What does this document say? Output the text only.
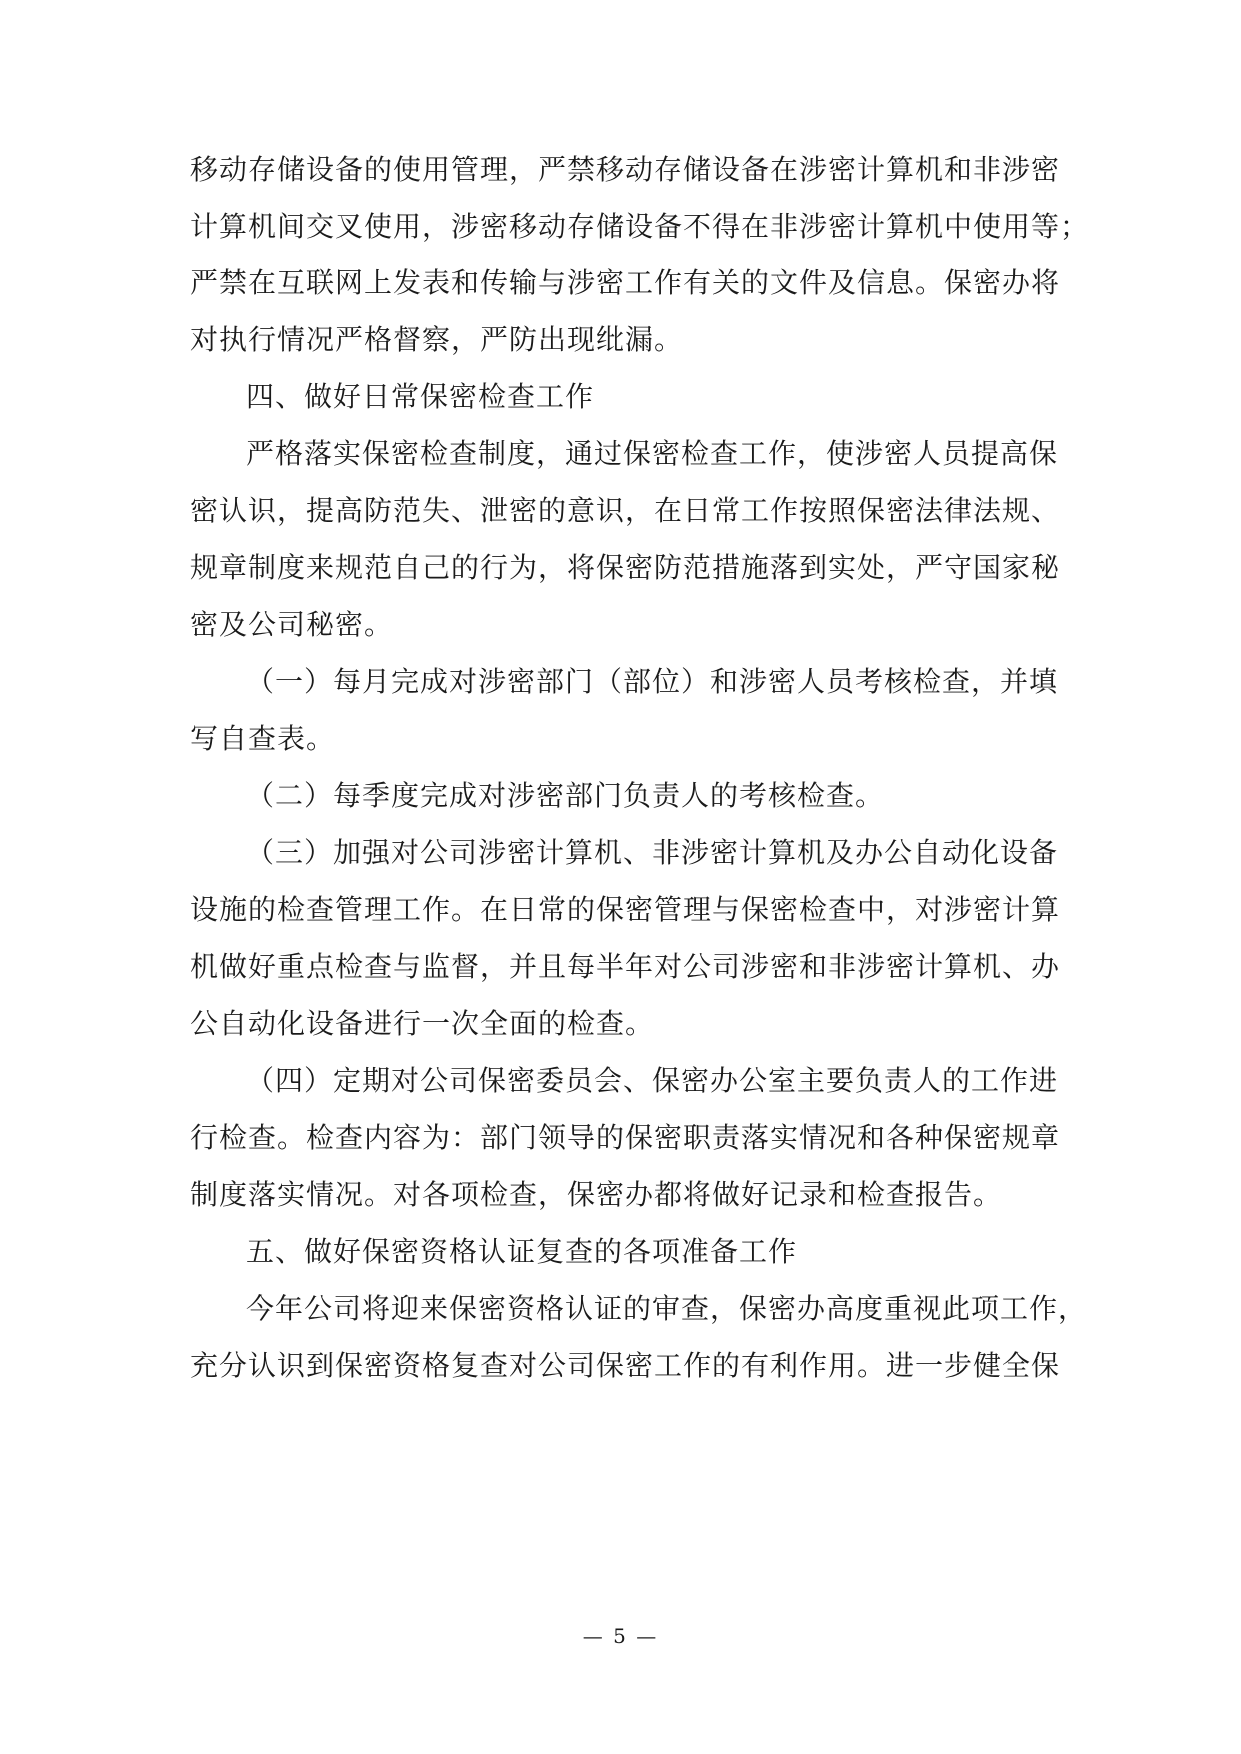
移动存储设备的使用管理，严禁移动存储设备在涉密计算机和非涉密
计算机间交叉使用，涉密移动存储设备不得在非涉密计算机中使用等；
严禁在互联网上发表和传输与涉密工作有关的文件及信息。保密办将
对执行情况严格督察，严防出现纰漏。
四、做好日常保密检查工作
严格落实保密检查制度，通过保密检查工作，使涉密人员提高保
密认识，提高防范失、泄密的意识，在日常工作按照保密法律法规、
规章制度来规范自己的行为，将保密防范措施落到实处，严守国家秘
密及公司秘密。
（一）每月完成对涉密部门（部位）和涉密人员考核检查，并填
写自查表。
（二）每季度完成对涉密部门负责人的考核检查。
（三）加强对公司涉密计算机、非涉密计算机及办公自动化设备
设施的检查管理工作。在日常的保密管理与保密检查中，对涉密计算
机做好重点检查与监督，并且每半年对公司涉密和非涉密计算机、办
公自动化设备进行一次全面的检查。
（四）定期对公司保密委员会、保密办公室主要负责人的工作进
行检查。检查内容为：部门领导的保密职责落实情况和各种保密规章
制度落实情况。对各项检查，保密办都将做好记录和检查报告。
五、做好保密资格认证复查的各项准备工作
今年公司将迎来保密资格认证的审查，保密办高度重视此项工作，
充分认识到保密资格复查对公司保密工作的有利作用。进一步健全保
— 5 —
